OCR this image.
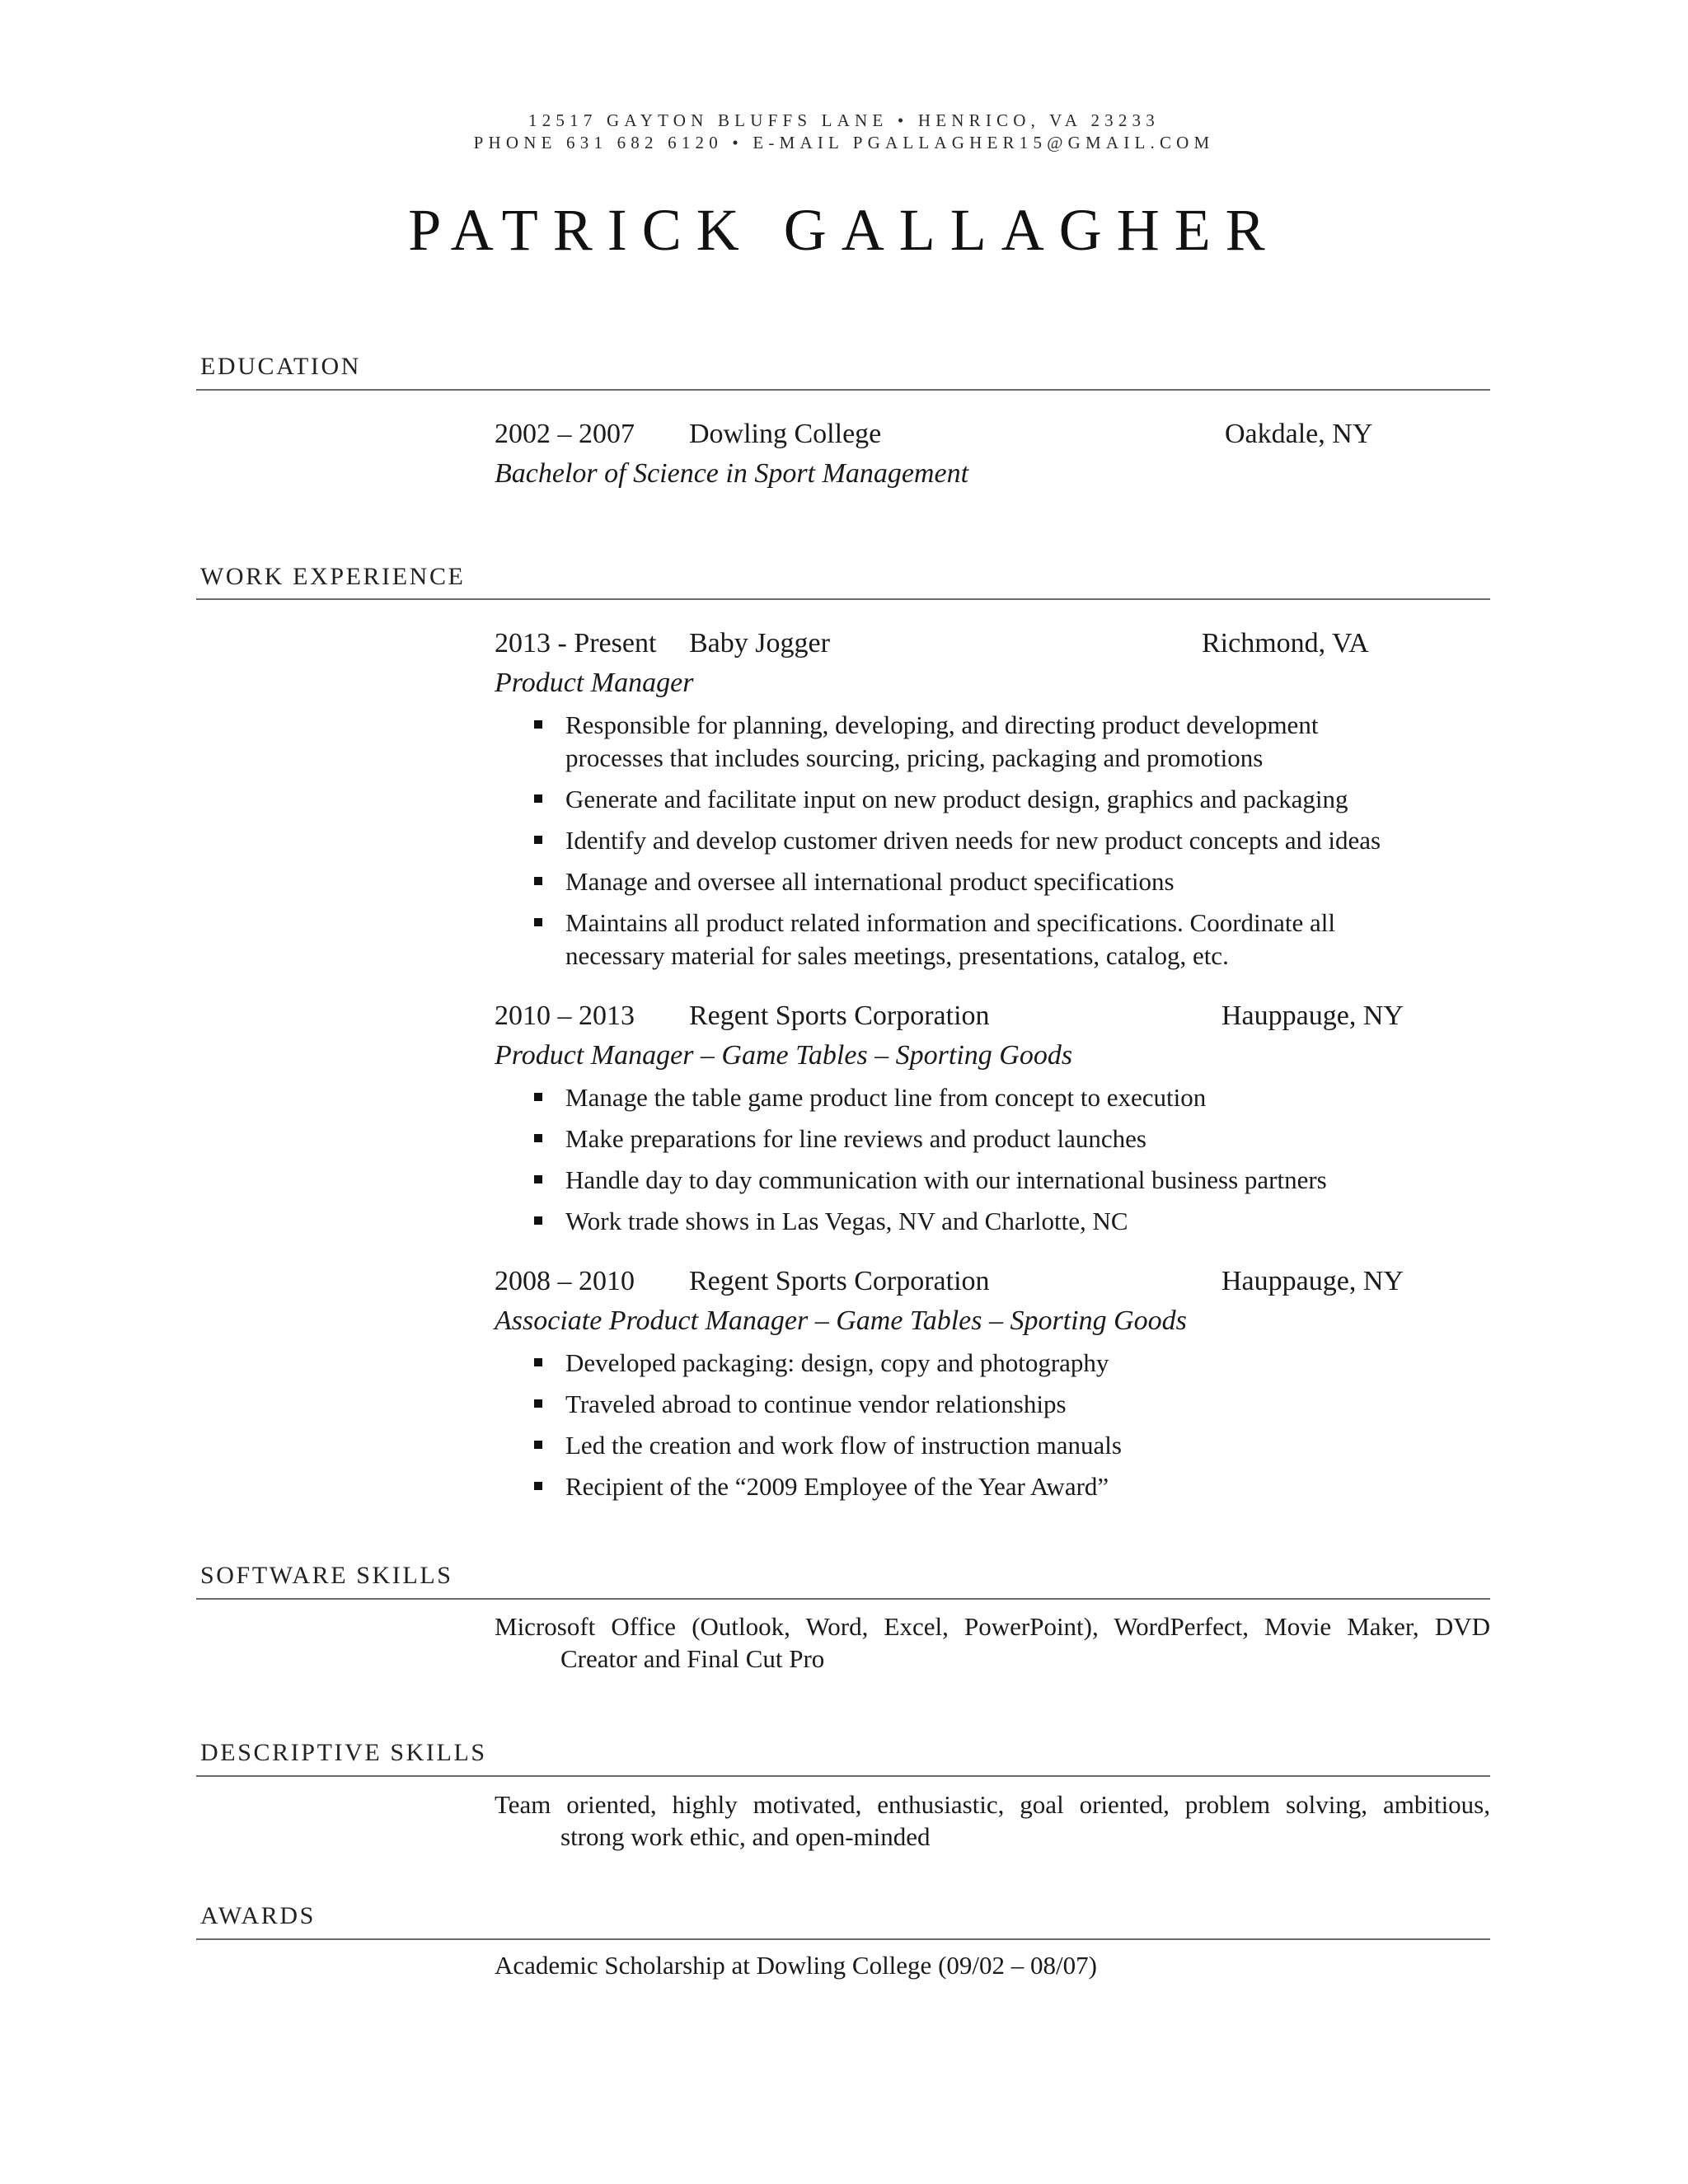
12517 GAYTON BLUFFS LANE • HENRICO, VA 23233
PHONE 631 682 6120 • E-MAIL PGALLAGHER15@GMAIL.COM
PATRICK GALLAGHER
EDUCATION
2002 – 2007 Dowling College	Oakdale, NY
Bachelor of Science in Sport Management
WORK EXPERIENCE
2013 - Present Baby Jogger	Richmond, VA
Product Manager
Responsible for planning, developing, and directing product development
processes that includes sourcing, pricing, packaging and promotions
Generate and facilitate input on new product design, graphics and packaging
Identify and develop customer driven needs for new product concepts and ideas
Manage and oversee all international product specifications
Maintains all product related information and specifications. Coordinate all
necessary material for sales meetings, presentations, catalog, etc.
2010 – 2013 Regent Sports Corporation	Hauppauge, NY
Product Manager – Game Tables – Sporting Goods
Manage the table game product line from concept to execution
Make preparations for line reviews and product launches
Handle day to day communication with our international business partners
Work trade shows in Las Vegas, NV and Charlotte, NC
2008 – 2010 Regent Sports Corporation	Hauppauge, NY
Associate Product Manager – Game Tables – Sporting Goods
Developed packaging: design, copy and photography
Traveled abroad to continue vendor relationships
Led the creation and work flow of instruction manuals
Recipient of the “2009 Employee of the Year Award”
SOFTWARE SKILLS
Microsoft Office (Outlook, Word, Excel, PowerPoint), WordPerfect, Movie Maker, DVD
Creator and Final Cut Pro
DESCRIPTIVE SKILLS
Team oriented, highly motivated, enthusiastic, goal oriented, problem solving, ambitious,
strong work ethic, and open-minded
AWARDS
Academic Scholarship at Dowling College (09/02 – 08/07)
